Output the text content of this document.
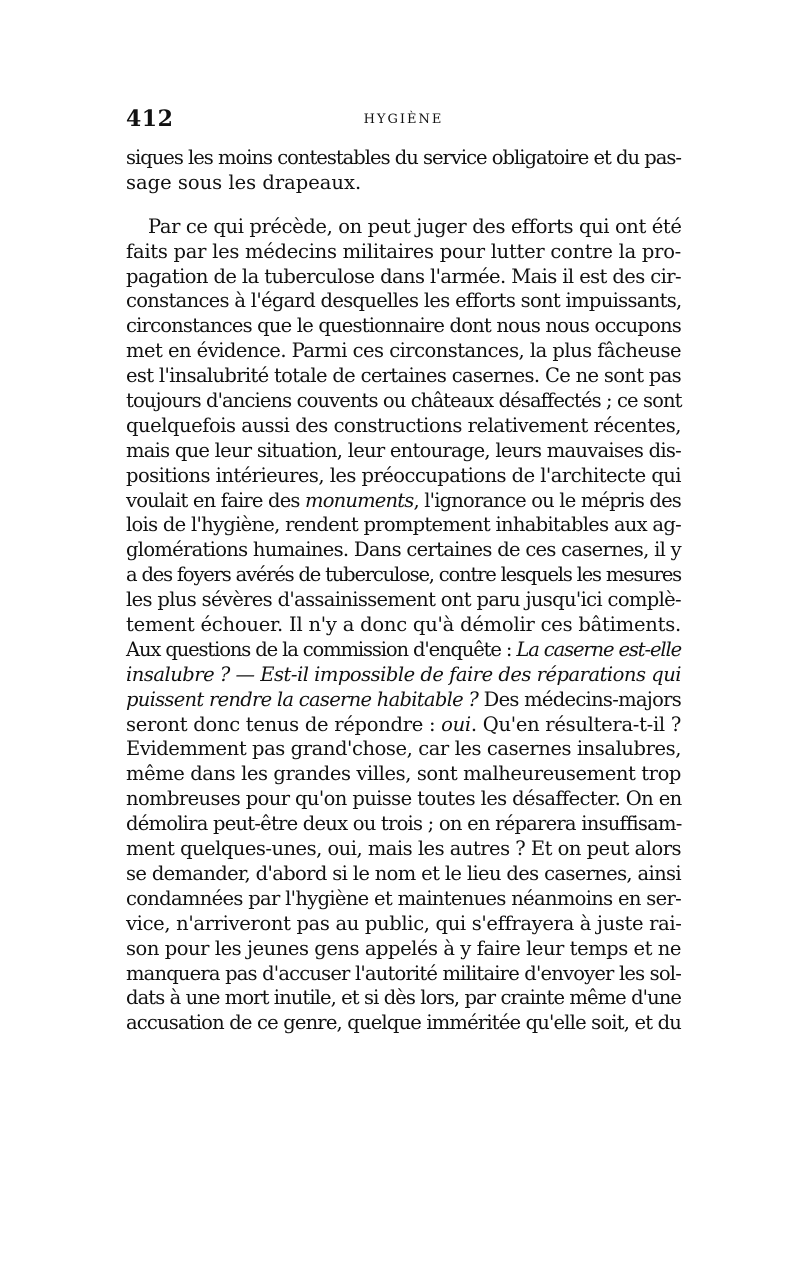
412	HYGIÈNE
siques les moins contestables du service obligatoire et du pas-
sage sous les drapeaux.
Par ce qui précède, on peut juger des efforts qui ont été
faits par les médecins militaires pour lutter contre la pro-
pagation de la tuberculose dans l'armée. Mais il est des cir-
constances à l'égard desquelles les efforts sont impuissants,
circonstances que le questionnaire dont nous nous occupons
met en évidence. Parmi ces circonstances, la plus fâcheuse
est l'insalubrité totale de certaines casernes. Ce ne sont pas
toujours d'anciens couvents ou châteaux désaffectés ; ce sont
quelquefois aussi des constructions relativement récentes,
mais que leur situation, leur entourage, leurs mauvaises dis-
positions intérieures, les préoccupations de l'architecte qui
voulait en faire des monuments, l'ignorance ou le mépris des
lois de l'hygiène, rendent promptement inhabitables aux ag-
glomérations humaines. Dans certaines de ces casernes, il y
a des foyers avérés de tuberculose, contre lesquels les mesures
les plus sévères d'assainissement ont paru jusqu'ici complè-
tement échouer. Il n'y a donc qu'à démolir ces bâtiments.
Aux questions de la commission d'enquête : La caserne est-elle
insalubre ? — Est-il impossible de faire des réparations qui
puissent rendre la caserne habitable ? Des médecins-majors
seront donc tenus de répondre : oui. Qu'en résultera-t-il ?
Evidemment pas grand'chose, car les casernes insalubres,
même dans les grandes villes, sont malheureusement trop
nombreuses pour qu'on puisse toutes les désaffecter. On en
démolira peut-être deux ou trois ; on en réparera insuffisam-
ment quelques-unes, oui, mais les autres ? Et on peut alors
se demander, d'abord si le nom et le lieu des casernes, ainsi
condamnées par l'hygiène et maintenues néanmoins en ser-
vice, n'arriveront pas au public, qui s'effrayera à juste rai-
son pour les jeunes gens appelés à y faire leur temps et ne
manquera pas d'accuser l'autorité militaire d'envoyer les sol-
dats à une mort inutile, et si dès lors, par crainte même d'une
accusation de ce genre, quelque imméritée qu'elle soit, et du
